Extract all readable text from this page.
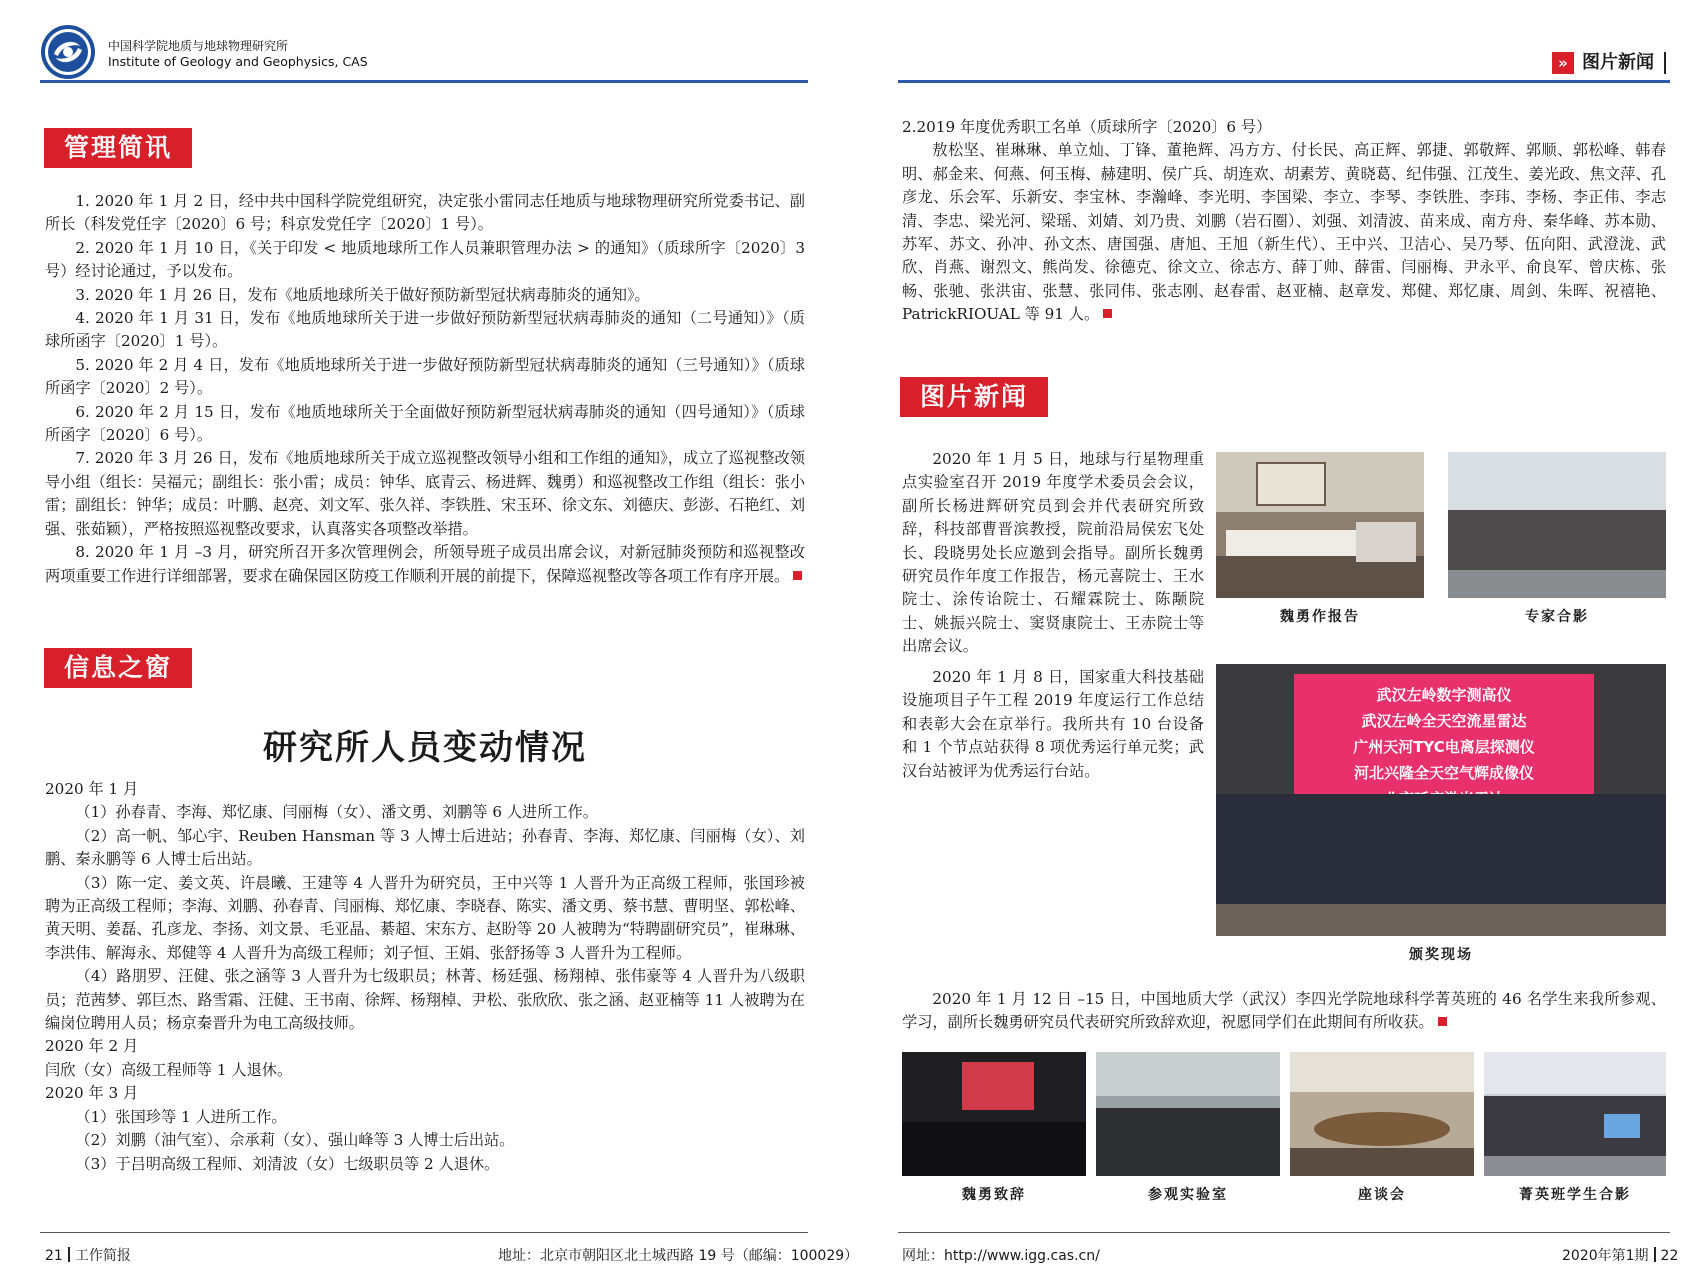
中国科学院地质与地球物理研究所
Institute of Geology and Geophysics, CAS
管理简讯

1. 2020 年 1 月 2 日，经中共中国科学院党组研究，决定张小雷同志任地质与地球物理研究所党委书记、副所长（科发党任字〔2020〕6 号；科京发党任字〔2020〕1 号）。

2. 2020 年 1 月 10 日，《关于印发 < 地质地球所工作人员兼职管理办法 > 的通知》（质球所字〔2020〕3 号）经讨论通过，予以发布。

3. 2020 年 1 月 26 日，发布《地质地球所关于做好预防新型冠状病毒肺炎的通知》。

4. 2020 年 1 月 31 日，发布《地质地球所关于进一步做好预防新型冠状病毒肺炎的通知（二号通知）》（质球所函字〔2020〕1 号）。

5. 2020 年 2 月 4 日，发布《地质地球所关于进一步做好预防新型冠状病毒肺炎的通知（三号通知）》（质球所函字〔2020〕2 号）。

6. 2020 年 2 月 15 日，发布《地质地球所关于全面做好预防新型冠状病毒肺炎的通知（四号通知）》（质球所函字〔2020〕6 号）。

7. 2020 年 3 月 26 日，发布《地质地球所关于成立巡视整改领导小组和工作组的通知》，成立了巡视整改领导小组（组长：吴福元；副组长：张小雷；成员：钟华、底青云、杨进辉、魏勇）和巡视整改工作组（组长：张小雷；副组长：钟华；成员：叶鹏、赵亮、刘文军、张久祥、李铁胜、宋玉环、徐文东、刘德庆、彭澎、石艳红、刘强、张茹颖），严格按照巡视整改要求，认真落实各项整改举措。

8. 2020 年 1 月 –3 月，研究所召开多次管理例会，所领导班子成员出席会议，对新冠肺炎预防和巡视整改两项重要工作进行详细部署，要求在确保园区防疫工作顺利开展的前提下，保障巡视整改等各项工作有序开展。

信息之窗
研究所人员变动情况

2020 年 1 月

（1）孙春青、李海、郑忆康、闫丽梅（女）、潘文勇、刘鹏等 6 人进所工作。

（2）高一帆、邹心宇、Reuben Hansman 等 3 人博士后进站；孙春青、李海、郑忆康、闫丽梅（女）、刘鹏、秦永鹏等 6 人博士后出站。

（3）陈一定、姜文英、许晨曦、王建等 4 人晋升为研究员，王中兴等 1 人晋升为正高级工程师，张国珍被聘为正高级工程师；李海、刘鹏、孙春青、闫丽梅、郑忆康、李晓春、陈实、潘文勇、蔡书慧、曹明坚、郭松峰、黄天明、姜磊、孔彦龙、李扬、刘文景、毛亚晶、綦超、宋东方、赵盼等 20 人被聘为“特聘副研究员”，崔琳琳、李洪伟、解海永、郑健等 4 人晋升为高级工程师；刘子恒、王娟、张舒扬等 3 人晋升为工程师。

（4）路朋罗、汪健、张之涵等 3 人晋升为七级职员；林菁、杨廷强、杨翔棹、张伟豪等 4 人晋升为八级职员；范茜梦、郭巨杰、路雪霜、汪健、王书南、徐辉、杨翔棹、尹松、张欣欣、张之涵、赵亚楠等 11 人被聘为在编岗位聘用人员；杨京秦晋升为电工高级技师。

2020 年 2 月

闫欣（女）高级工程师等 1 人退休。

2020 年 3 月

（1）张国珍等 1 人进所工作。

（2）刘鹏（油气室）、佘承莉（女）、强山峰等 3 人博士后出站。

（3）于吕明高级工程师、刘清波（女）七级职员等 2 人退休。

21 工作简报	地址：北京市朝阳区北土城西路 19 号（邮编：100029）
» 图片新闻

2.2019 年度优秀职工名单（质球所字〔2020〕6 号）

敖松坚、崔琳琳、单立灿、丁锋、董艳辉、冯方方、付长民、高正辉、郭捷、郭敬辉、郭顺、郭松峰、韩春明、郝金来、何燕、何玉梅、赫建明、侯广兵、胡连欢、胡素芳、黄晓葛、纪伟强、江茂生、姜光政、焦文萍、孔彦龙、乐会军、乐新安、李宝林、李瀚峰、李光明、李国梁、李立、李琴、李铁胜、李玮、李杨、李正伟、李志清、李忠、梁光河、梁瑶、刘婧、刘乃贵、刘鹏（岩石圈）、刘强、刘清波、苗来成、南方舟、秦华峰、苏本勋、苏军、苏文、孙冲、孙文杰、唐国强、唐旭、王旭（新生代）、王中兴、卫洁心、吴乃琴、伍向阳、武澄泷、武欣、肖燕、谢烈文、熊尚发、徐德克、徐文立、徐志方、薛丁帅、薛雷、闫丽梅、尹永平、俞良军、曾庆栋、张畅、张驰、张洪宙、张慧、张同伟、张志刚、赵春雷、赵亚楠、赵章发、郑健、郑忆康、周剑、朱晖、祝禧艳、PatrickRIOUAL 等 91 人。

图片新闻

2020 年 1 月 5 日，地球与行星物理重点实验室召开 2019 年度学术委员会会议，副所长杨进辉研究员到会并代表研究所致辞，科技部曹晋滨教授，院前沿局侯宏飞处长、段晓男处长应邀到会指导。副所长魏勇研究员作年度工作报告，杨元喜院士、王水院士、涂传诒院士、石耀霖院士、陈颙院士、姚振兴院士、窦贤康院士、王赤院士等出席会议。

2020 年 1 月 8 日，国家重大科技基础设施项目子午工程 2019 年度运行工作总结和表彰大会在京举行。我所共有 10 台设备和 1 个节点站获得 8 项优秀运行单元奖；武汉台站被评为优秀运行台站。

魏勇作报告	专家合影
武汉左岭数字测高仪
武汉左岭全天空流星雷达
广州天河TYC电离层探测仪
河北兴隆全天空气辉成像仪
颁奖现场

2020 年 1 月 12 日 –15 日，中国地质大学（武汉）李四光学院地球科学菁英班的 46 名学生来我所参观、学习，副所长魏勇研究员代表研究所致辞欢迎，祝愿同学们在此期间有所收获。

魏勇致辞	参观实验室	座谈会	菁英班学生合影
网址：http://www.igg.cas.cn/	2020年第1期 22
